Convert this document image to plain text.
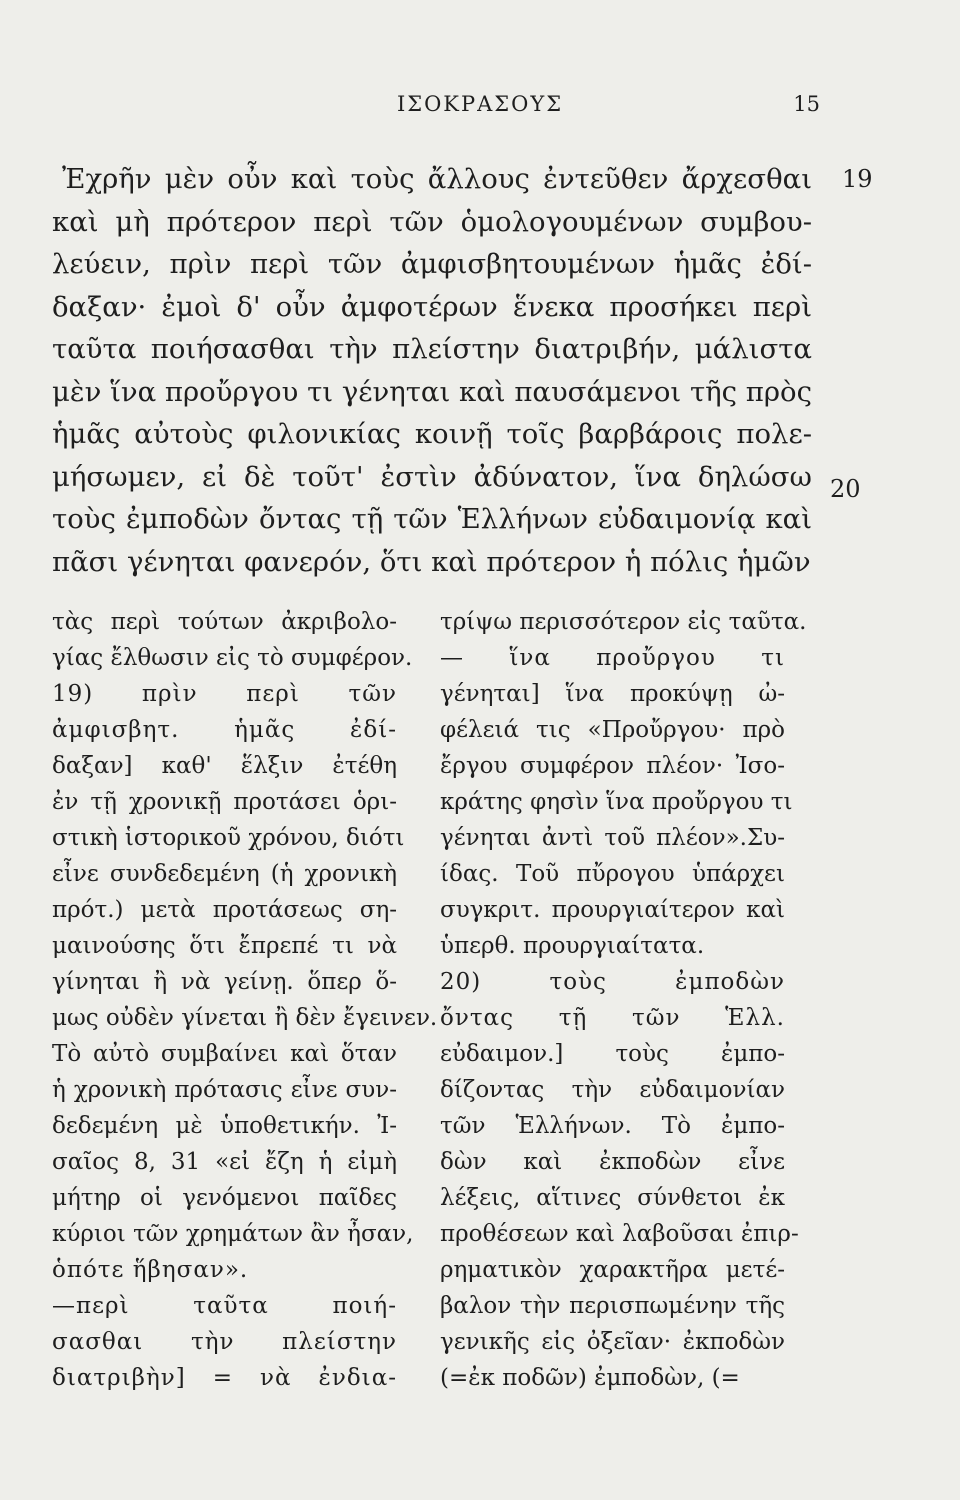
ΙΣΟΚΡΑΣΟΥΣ	15
Ἐχρῆν μὲν οὖν καὶ τοὺς ἄλλους ἐντεῦθεν ἄρχεσθαι 19
καὶ μὴ πρότερον περὶ τῶν ὁμολογουμένων συμβου-
λεύειν, πρὶν περὶ τῶν ἀμφισβητουμένων ἡμᾶς ἐδί-
δαξαν· ἐμοὶ δ' οὖν ἀμφοτέρων ἕνεκα προσήκει περὶ
ταῦτα ποιήσασθαι τὴν πλείστην διατριβήν, μάλιστα
μὲν ἵνα προὔργου τι γένηται καὶ παυσάμενοι τῆς πρὸς
ἡμᾶς αὐτοὺς φιλονικίας κοινῇ τοῖς βαρβάροις πολε-
μήσωμεν, εἰ δὲ τοῦτ' ἐστὶν ἀδύνατον, ἵνα δηλώσω 20
τοὺς ἐμποδὼν ὄντας τῇ τῶν Ἑλλήνων εὐδαιμονίᾳ καὶ
πᾶσι γένηται φανερόν, ὅτι καὶ πρότερον ἡ πόλις ἡμῶν
τὰς περὶ τούτων ἀκριβολο-
γίας ἔλθωσιν εἰς τὸ συμφέρον.
19) πρὶν περὶ τῶν
ἀμφισβητ. ἡμᾶς ἐδί-
δαξαν] καθ' ἕλξιν ἐτέθη
ἐν τῇ χρονικῇ προτάσει ὁρι-
στικὴ ἱστορικοῦ χρόνου, διότι
εἶνε συνδεδεμένη (ἡ χρονικὴ
πρότ.) μετὰ προτάσεως ση-
μαινούσης ὅτι ἔπρεπέ τι νὰ
γίνηται ἢ νὰ γείνῃ. ὅπερ ὅ-
μως οὐδὲν γίνεται ἢ δὲν ἔγεινεν.
Τὸ αὐτὸ συμβαίνει καὶ ὅταν
ἡ χρονικὴ πρότασις εἶνε συν-
δεδεμένη μὲ ὑποθετικήν. Ἰ-
σαῖος 8, 31 «εἰ ἔζη ἡ εἰμὴ
μήτηρ οἱ γενόμενοι παῖδες
κύριοι τῶν χρημάτων ἂν ἦσαν,
ὁπότε ἥβησαν».
—περὶ ταῦτα ποιή-
σασθαι τὴν πλείστην
διατριβὴν] = νὰ ἐνδια-
τρίψω περισσότερον εἰς ταῦτα.
— ἵνα προὔργου τι
γένηται] ἵνα προκύψῃ ὠ-
φέλειά τις «Προὔργου· πρὸ
ἔργου συμφέρον πλέον· Ἰσο-
κράτης φησὶν ἵνα προὔργου τι
γένηται ἀντὶ τοῦ πλέον».Συ-
ίδας. Τοῦ πὔρογου ὑπάρχει
συγκριτ. προυργιαίτερον καὶ
ὑπερθ. προυργιαίτατα.
20) τοὺς ἐμποδὼν
ὄντας τῇ τῶν Ἑλλ.
εὐδαιμον.] τοὺς ἐμπο-
δίζοντας τὴν εὐδαιμονίαν
τῶν Ἑλλήνων. Τὸ ἐμπο-
δὼν καὶ ἐκποδὼν εἶνε
λέξεις, αἵτινες σύνθετοι ἐκ
προθέσεων καὶ λαβοῦσαι ἐπιρ-
ρηματικὸν χαρακτῆρα μετέ-
βαλον τὴν περισπωμένην τῆς
γενικῆς εἰς ὀξεῖαν· ἐκποδὼν
(=ἐκ ποδῶν) ἐμποδὼν, (=
